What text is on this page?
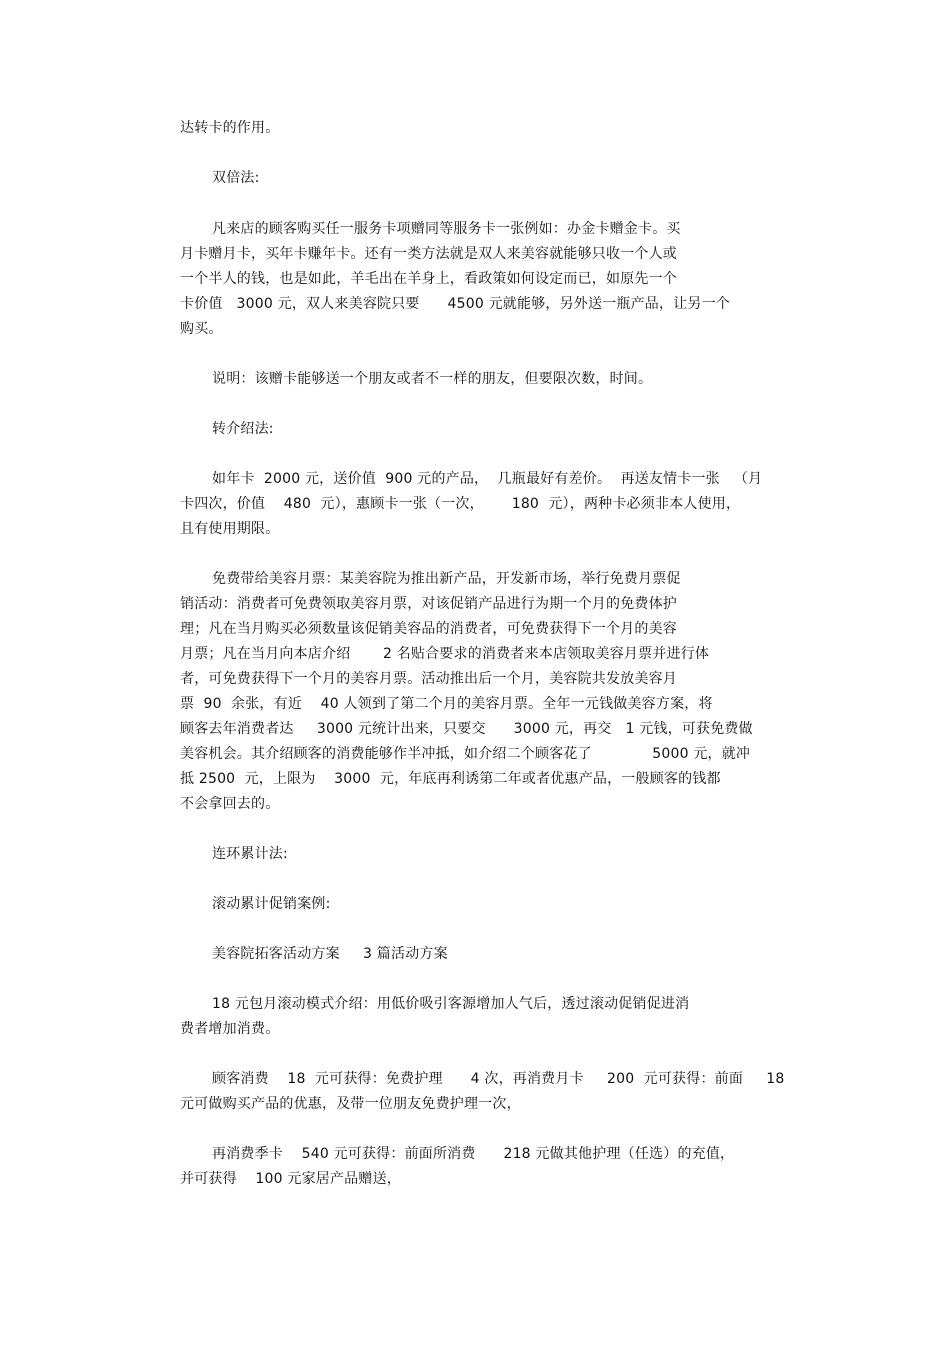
达转卡的作用。
双倍法:
凡来店的顾客购买任一服务卡项赠同等服务卡一张例如：办金卡赠金卡。买
月卡赠月卡，买年卡赚年卡。还有一类方法就是双人来美容就能够只收一个人或
一个半人的钱，也是如此，羊毛出在羊身上，看政策如何设定而已，如原先一个
卡价值   3000 元，双人来美容院只要      4500 元就能够，另外送一瓶产品，让另一个
购买。
说明：该赠卡能够送一个朋友或者不一样的朋友，但要限次数，时间。
转介绍法:
如年卡  2000 元，送价值  900 元的产品，  几瓶最好有差价。  再送友情卡一张   （月
卡四次，价值    480  元），惠顾卡一张（一次，      180  元），两种卡必须非本人使用，
且有使用期限。
免费带给美容月票：某美容院为推出新产品，开发新市场，举行免费月票促
销活动：消费者可免费领取美容月票，对该促销产品进行为期一个月的免费体护
理；凡在当月购买必须数量该促销美容品的消费者，可免费获得下一个月的美容
月票；凡在当月向本店介绍       2 名贴合要求的消费者来本店领取美容月票并进行体
者，可免费获得下一个月的美容月票。活动推出后一个月，美容院共发放美容月
票  90  余张，有近    40 人领到了第二个月的美容月票。全年一元钱做美容方案，将
顾客去年消费者达     3000 元统计出来，只要交      3000 元，再交   1 元钱，可获免费做
美容机会。其介绍顾客的消费能够作半冲抵，如介绍二个顾客花了             5000 元，就冲
抵 2500  元，上限为    3000  元，年底再利诱第二年或者优惠产品，一般顾客的钱都
不会拿回去的。
连环累计法:
滚动累计促销案例:
美容院拓客活动方案     3 篇活动方案
18 元包月滚动模式介绍：用低价吸引客源增加人气后，透过滚动促销促进消
费者增加消费。
顾客消费    18  元可获得：免费护理      4 次，再消费月卡     200  元可获得：前面     18
元可做购买产品的优惠，及带一位朋友免费护理一次，
再消费季卡    540 元可获得：前面所消费      218 元做其他护理（任选）的充值，
并可获得    100 元家居产品赠送，
